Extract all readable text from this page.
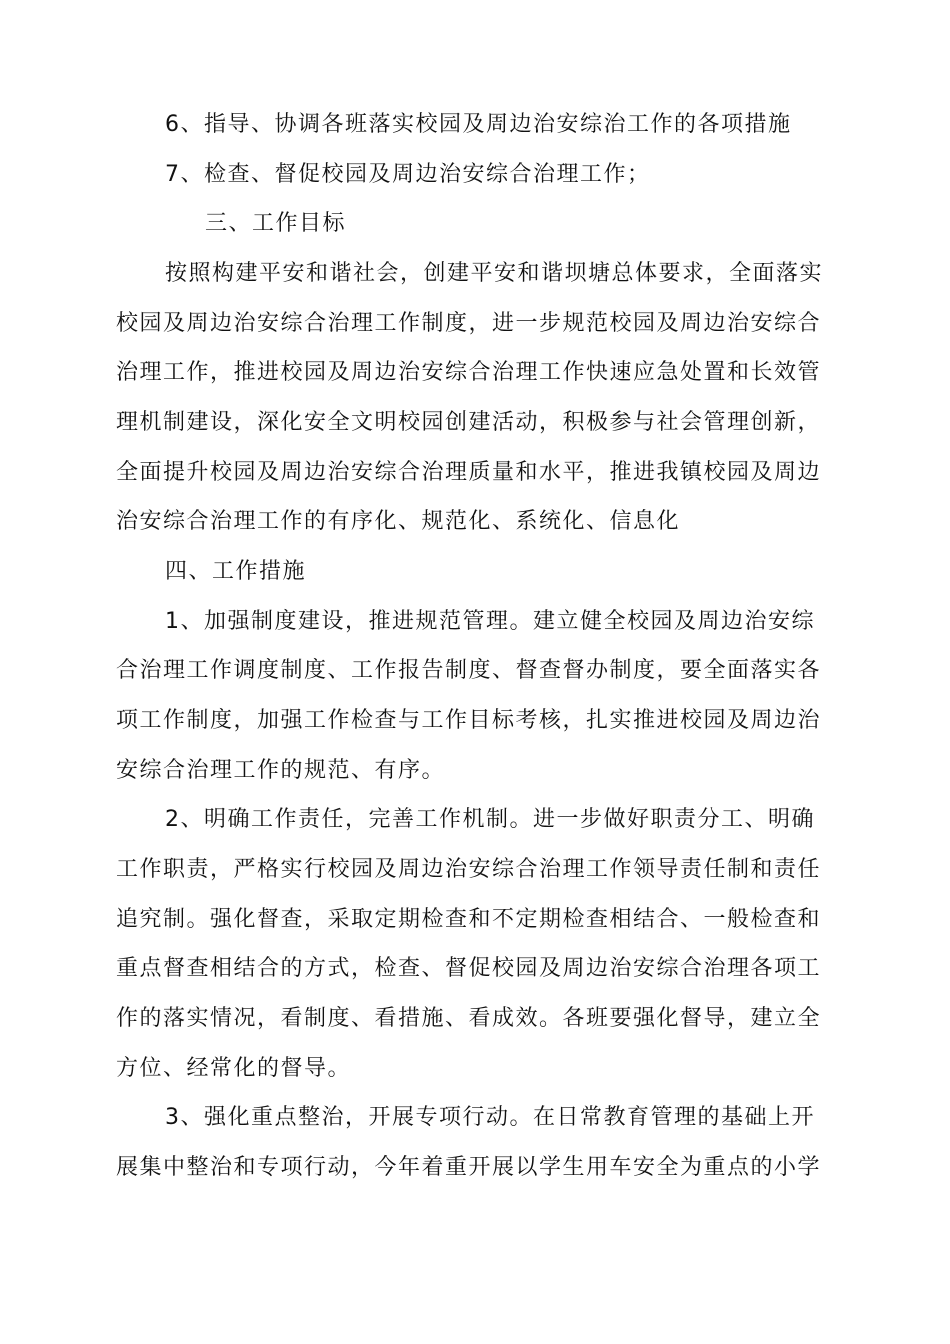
6、指导、协调各班落实校园及周边治安综治工作的各项措施
7、检查、督促校园及周边治安综合治理工作；
三、工作目标
按照构建平安和谐社会，创建平安和谐坝塘总体要求，全面落实
校园及周边治安综合治理工作制度，进一步规范校园及周边治安综合
治理工作，推进校园及周边治安综合治理工作快速应急处置和长效管
理机制建设，深化安全文明校园创建活动，积极参与社会管理创新，
全面提升校园及周边治安综合治理质量和水平，推进我镇校园及周边
治安综合治理工作的有序化、规范化、系统化、信息化
四、工作措施
1、加强制度建设，推进规范管理。建立健全校园及周边治安综
合治理工作调度制度、工作报告制度、督查督办制度，要全面落实各
项工作制度，加强工作检查与工作目标考核，扎实推进校园及周边治
安综合治理工作的规范、有序。
2、明确工作责任，完善工作机制。进一步做好职责分工、明确
工作职责，严格实行校园及周边治安综合治理工作领导责任制和责任
追究制。强化督查，采取定期检查和不定期检查相结合、一般检查和
重点督查相结合的方式，检查、督促校园及周边治安综合治理各项工
作的落实情况，看制度、看措施、看成效。各班要强化督导，建立全
方位、经常化的督导。
3、强化重点整治，开展专项行动。在日常教育管理的基础上开
展集中整治和专项行动，今年着重开展以学生用车安全为重点的小学
